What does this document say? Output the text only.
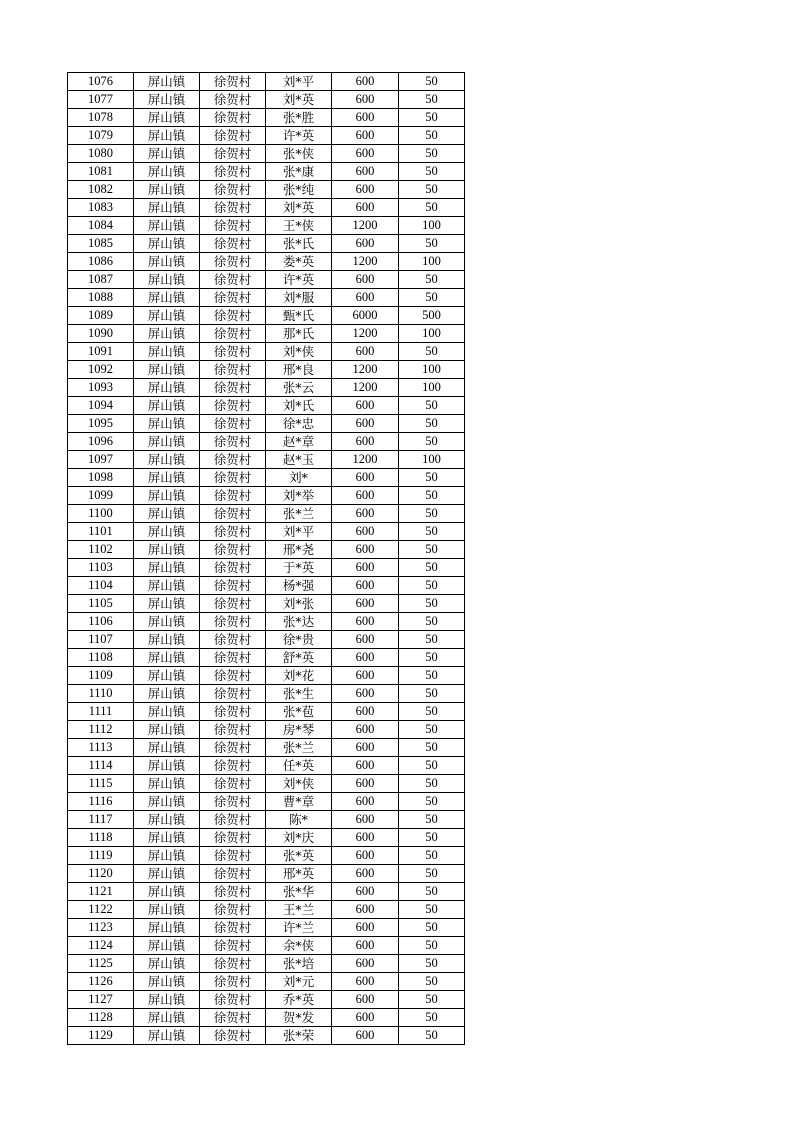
1076	屏山镇	徐贺村	刘*平	600	50
1077	屏山镇	徐贺村	刘*英	600	50
1078	屏山镇	徐贺村	张*胜	600	50
1079	屏山镇	徐贺村	许*英	600	50
1080	屏山镇	徐贺村	张*侠	600	50
1081	屏山镇	徐贺村	张*康	600	50
1082	屏山镇	徐贺村	张*纯	600	50
1083	屏山镇	徐贺村	刘*英	600	50
1084	屏山镇	徐贺村	王*侠	1200	100
1085	屏山镇	徐贺村	张*氏	600	50
1086	屏山镇	徐贺村	娄*英	1200	100
1087	屏山镇	徐贺村	许*英	600	50
1088	屏山镇	徐贺村	刘*服	600	50
1089	屏山镇	徐贺村	甄*氏	6000	500
1090	屏山镇	徐贺村	那*氏	1200	100
1091	屏山镇	徐贺村	刘*侠	600	50
1092	屏山镇	徐贺村	邢*良	1200	100
1093	屏山镇	徐贺村	张*云	1200	100
1094	屏山镇	徐贺村	刘*氏	600	50
1095	屏山镇	徐贺村	徐*忠	600	50
1096	屏山镇	徐贺村	赵*章	600	50
1097	屏山镇	徐贺村	赵*玉	1200	100
1098	屏山镇	徐贺村	刘*	600	50
1099	屏山镇	徐贺村	刘*举	600	50
1100	屏山镇	徐贺村	张*兰	600	50
1101	屏山镇	徐贺村	刘*平	600	50
1102	屏山镇	徐贺村	邢*尧	600	50
1103	屏山镇	徐贺村	于*英	600	50
1104	屏山镇	徐贺村	杨*强	600	50
1105	屏山镇	徐贺村	刘*张	600	50
1106	屏山镇	徐贺村	张*达	600	50
1107	屏山镇	徐贺村	徐*贵	600	50
1108	屏山镇	徐贺村	舒*英	600	50
1109	屏山镇	徐贺村	刘*花	600	50
1110	屏山镇	徐贺村	张*生	600	50
1111	屏山镇	徐贺村	张*苞	600	50
1112	屏山镇	徐贺村	房*琴	600	50
1113	屏山镇	徐贺村	张*兰	600	50
1114	屏山镇	徐贺村	任*英	600	50
1115	屏山镇	徐贺村	刘*侠	600	50
1116	屏山镇	徐贺村	曹*章	600	50
1117	屏山镇	徐贺村	陈*	600	50
1118	屏山镇	徐贺村	刘*庆	600	50
1119	屏山镇	徐贺村	张*英	600	50
1120	屏山镇	徐贺村	邢*英	600	50
1121	屏山镇	徐贺村	张*华	600	50
1122	屏山镇	徐贺村	王*兰	600	50
1123	屏山镇	徐贺村	许*兰	600	50
1124	屏山镇	徐贺村	余*侠	600	50
1125	屏山镇	徐贺村	张*培	600	50
1126	屏山镇	徐贺村	刘*元	600	50
1127	屏山镇	徐贺村	乔*英	600	50
1128	屏山镇	徐贺村	贺*发	600	50
1129	屏山镇	徐贺村	张*荣	600	50
